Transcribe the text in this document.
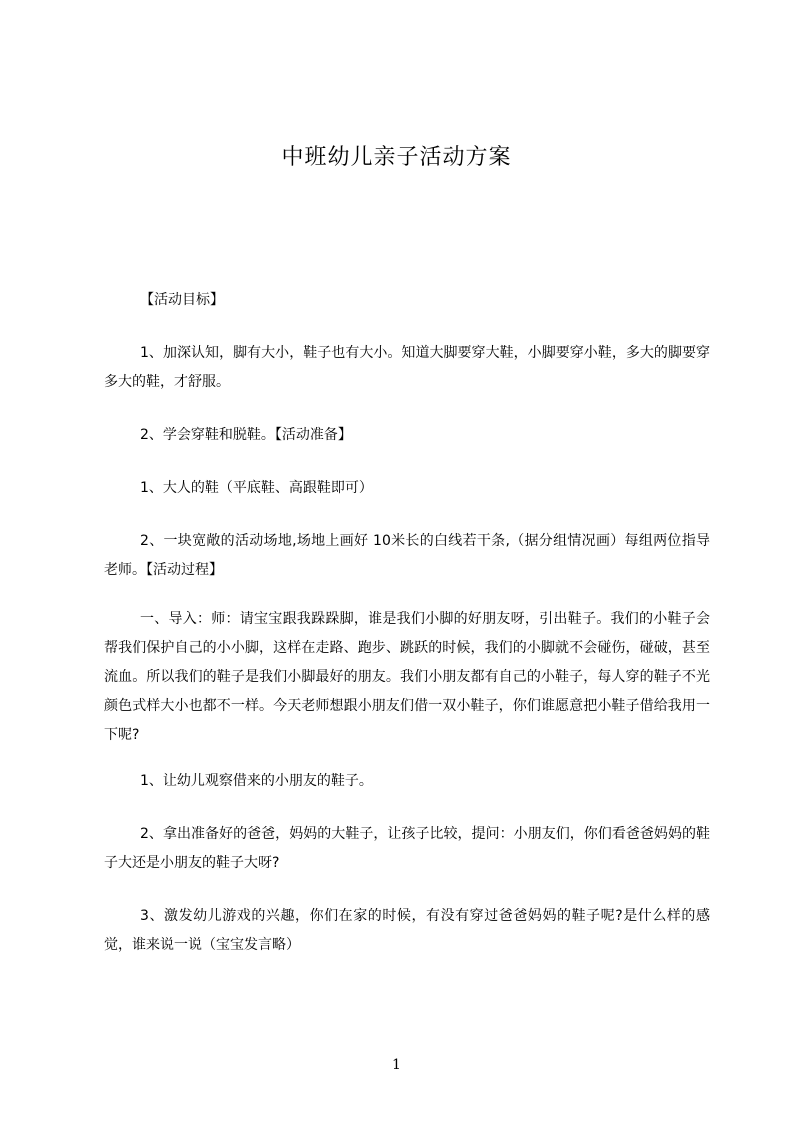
中班幼儿亲子活动方案

【活动目标】

1、加深认知，脚有大小，鞋子也有大小。知道大脚要穿大鞋，小脚要穿小鞋，多大的脚要穿多大的鞋，才舒服。

2、学会穿鞋和脱鞋。【活动准备】

1、大人的鞋（平底鞋、高跟鞋即可）

2、一块宽敞的活动场地,场地上画好 10米长的白线若干条,（据分组情况画）每组两位指导老师。【活动过程】

一、导入：师：请宝宝跟我跺跺脚，谁是我们小脚的好朋友呀，引出鞋子。我们的小鞋子会帮我们保护自己的小小脚，这样在走路、跑步、跳跃的时候，我们的小脚就不会碰伤，碰破，甚至流血。所以我们的鞋子是我们小脚最好的朋友。我们小朋友都有自己的小鞋子，每人穿的鞋子不光颜色式样大小也都不一样。今天老师想跟小朋友们借一双小鞋子，你们谁愿意把小鞋子借给我用一下呢?

1、让幼儿观察借来的小朋友的鞋子。

2、拿出准备好的爸爸，妈妈的大鞋子，让孩子比较，提问：小朋友们，你们看爸爸妈妈的鞋子大还是小朋友的鞋子大呀?

3、激发幼儿游戏的兴趣，你们在家的时候，有没有穿过爸爸妈妈的鞋子呢?是什么样的感觉，谁来说一说（宝宝发言略）

1
